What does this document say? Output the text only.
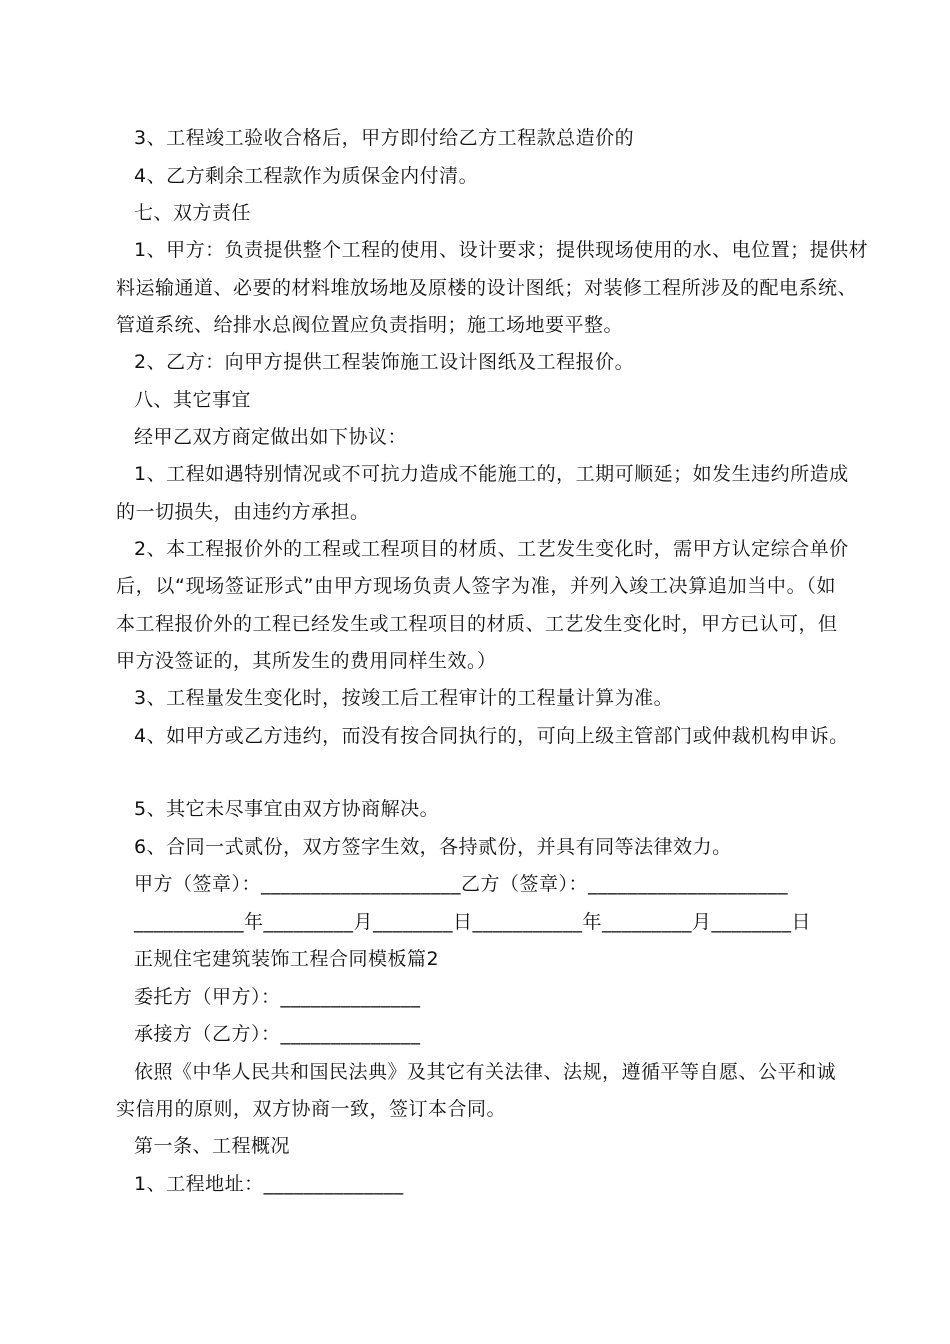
3、工程竣工验收合格后，甲方即付给乙方工程款总造价的
4、乙方剩余工程款作为质保金内付清。
七、双方责任
1、甲方：负责提供整个工程的使用、设计要求；提供现场使用的水、电位置；提供材
料运输通道、必要的材料堆放场地及原楼的设计图纸；对装修工程所涉及的配电系统、
管道系统、给排水总阀位置应负责指明；施工场地要平整。
2、乙方：向甲方提供工程装饰施工设计图纸及工程报价。
八、其它事宜
经甲乙双方商定做出如下协议：
1、工程如遇特别情况或不可抗力造成不能施工的，工期可顺延；如发生违约所造成
的一切损失，由违约方承担。
2、本工程报价外的工程或工程项目的材质、工艺发生变化时，需甲方认定综合单价
后，以“现场签证形式”由甲方现场负责人签字为准，并列入竣工决算追加当中。（如
本工程报价外的工程已经发生或工程项目的材质、工艺发生变化时，甲方已认可，但
甲方没签证的，其所发生的费用同样生效。）
3、工程量发生变化时，按竣工后工程审计的工程量计算为准。
4、如甲方或乙方违约，而没有按合同执行的，可向上级主管部门或仲裁机构申诉。
5、其它未尽事宜由双方协商解决。
6、合同一式贰份，双方签字生效，各持贰份，并具有同等法律效力。
甲方（签章）：____________________乙方（签章）：____________________
___________年_________月________日___________年_________月________日
正规住宅建筑装饰工程合同模板篇2
委托方（甲方）：______________
承接方（乙方）：______________
依照《中华人民共和国民法典》及其它有关法律、法规，遵循平等自愿、公平和诚
实信用的原则，双方协商一致，签订本合同。
第一条、工程概况
1、工程地址：______________
